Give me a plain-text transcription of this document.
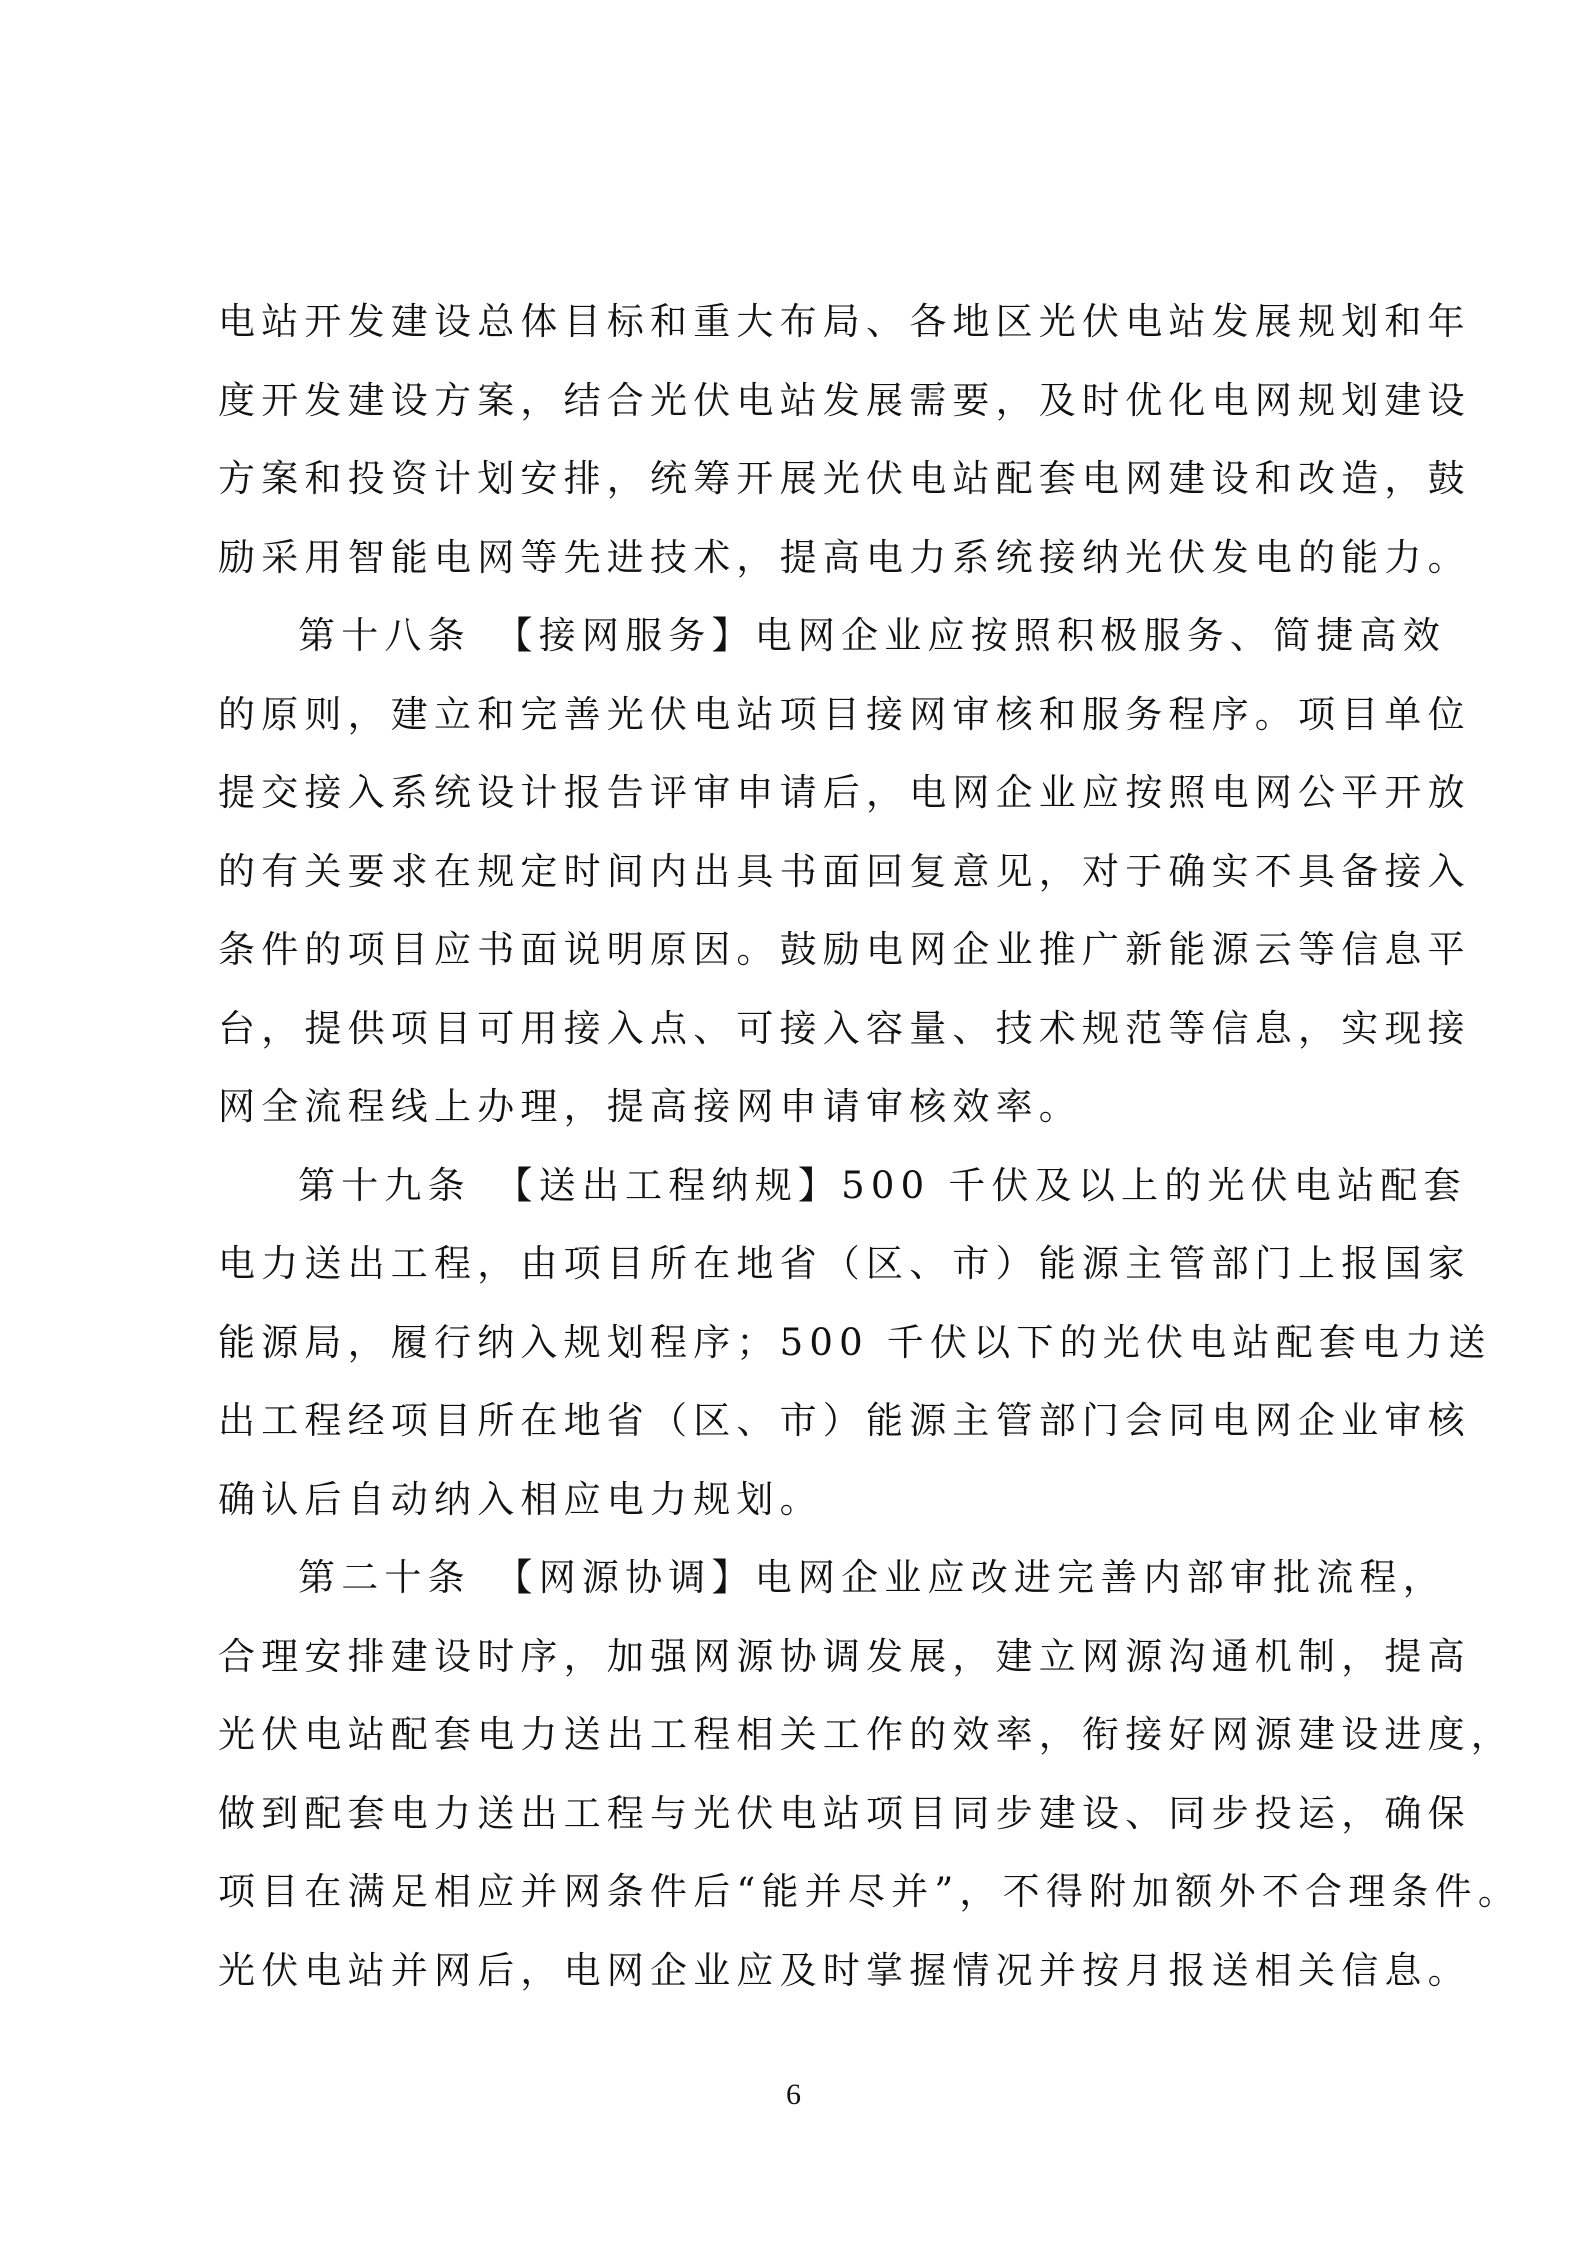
电站开发建设总体目标和重大布局、各地区光伏电站发展规划和年
度开发建设方案，结合光伏电站发展需要，及时优化电网规划建设
方案和投资计划安排，统筹开展光伏电站配套电网建设和改造，鼓
励采用智能电网等先进技术，提高电力系统接纳光伏发电的能力。
第十八条　【接网服务】电网企业应按照积极服务、简捷高效
的原则，建立和完善光伏电站项目接网审核和服务程序。项目单位
提交接入系统设计报告评审申请后，电网企业应按照电网公平开放
的有关要求在规定时间内出具书面回复意见，对于确实不具备接入
条件的项目应书面说明原因。鼓励电网企业推广新能源云等信息平
台，提供项目可用接入点、可接入容量、技术规范等信息，实现接
网全流程线上办理，提高接网申请审核效率。
第十九条　【送出工程纳规】500 千伏及以上的光伏电站配套
电力送出工程，由项目所在地省（区、市）能源主管部门上报国家
能源局，履行纳入规划程序；500 千伏以下的光伏电站配套电力送
出工程经项目所在地省（区、市）能源主管部门会同电网企业审核
确认后自动纳入相应电力规划。
第二十条　【网源协调】电网企业应改进完善内部审批流程，
合理安排建设时序，加强网源协调发展，建立网源沟通机制，提高
光伏电站配套电力送出工程相关工作的效率，衔接好网源建设进度，
做到配套电力送出工程与光伏电站项目同步建设、同步投运，确保
项目在满足相应并网条件后“能并尽并”，不得附加额外不合理条件。
光伏电站并网后，电网企业应及时掌握情况并按月报送相关信息。
6
